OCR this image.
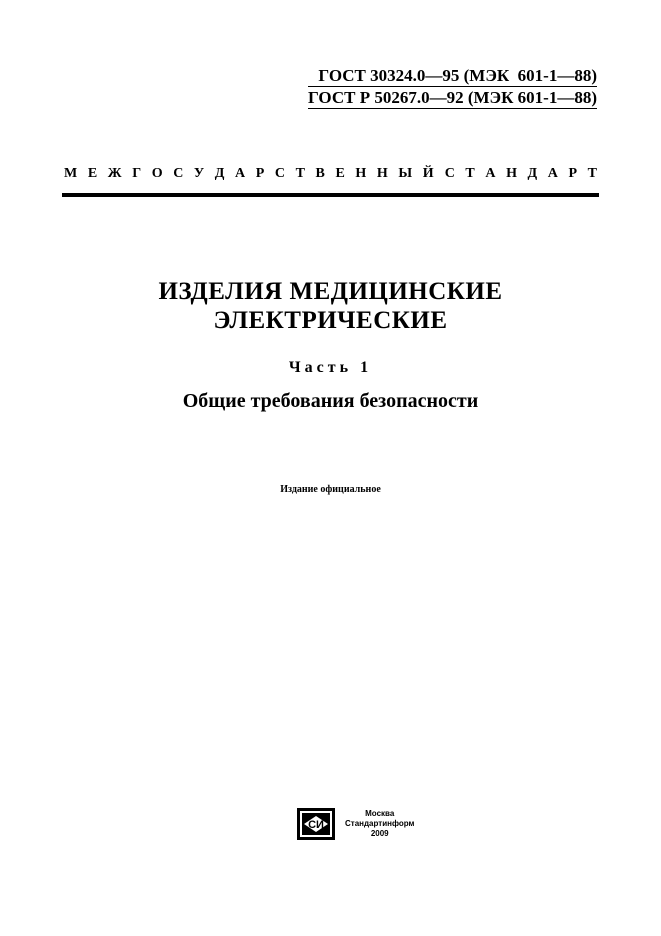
ГОСТ 30324.0—95 (МЭК  601-1—88)
ГОСТ Р 50267.0—92 (МЭК 601-1—88)
М Е Ж Г О С У Д А Р С Т В Е Н Н Ы Й С Т А Н Д А Р Т
ИЗДЕЛИЯ МЕДИЦИНСКИЕ
ЭЛЕКТРИЧЕСКИЕ
Часть 1
Общие требования безопасности
Издание официальное
СИ
Москва
Стандартинформ
2009
